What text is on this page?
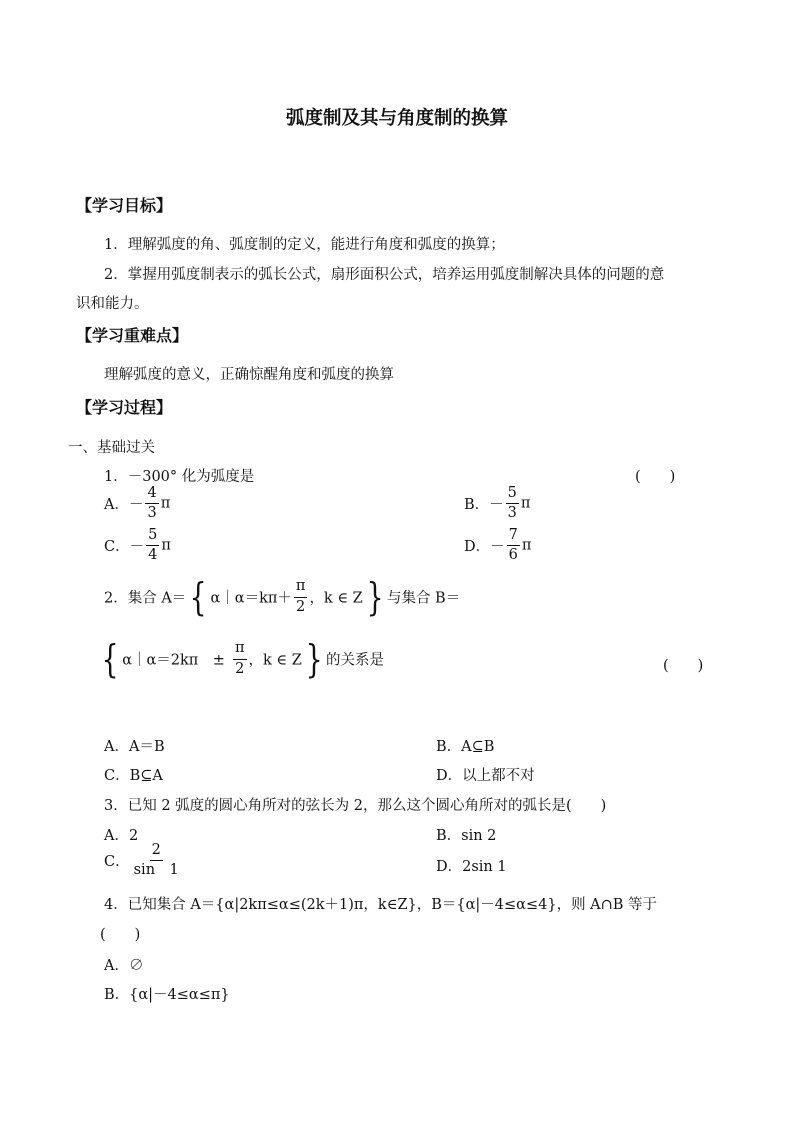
弧度制及其与角度制的换算
【学习目标】
1．理解弧度的角、弧度制的定义，能进行角度和弧度的换算；
2．掌握用弧度制表示的弧长公式，扇形面积公式，培养运用弧度制解决具体的问题的意
识和能力。
【学习重难点】
理解弧度的意义，正确惊醒角度和弧度的换算
【学习过程】
一、基础过关
1．－300° 化为弧度是	(　　)
A．－ $\frac{4}{3}$ π	B．－ $\frac{5}{3}$ π
C．－ $\frac{5}{4}$ π	D．－ $\frac{7}{6}$ π
2．集合 A＝{ α｜α＝kπ＋ $\frac{\pi}{2}$ ，k ∈ Z} 与集合 B＝
{ α｜α＝2kπ　± $\frac{\pi}{2}$ ，k ∈ Z} 的关系是	(　　)
A．A＝B	B．A⊆B
C．B⊆A	D．以上都不对
3．已知 2 弧度的圆心角所对的弦长为 2，那么这个圆心角所对的弧长是(　　)
A．2	B．sin 2
C． $\frac{2}{\sin 1}$	D．2sin 1
4．已知集合 A＝{α|2kπ≤α≤(2k＋1)π，k∈Z}，B＝{α|－4≤α≤4}，则 A∩B 等于
(　　)
A．∅
B．{α|－4≤α≤π}
